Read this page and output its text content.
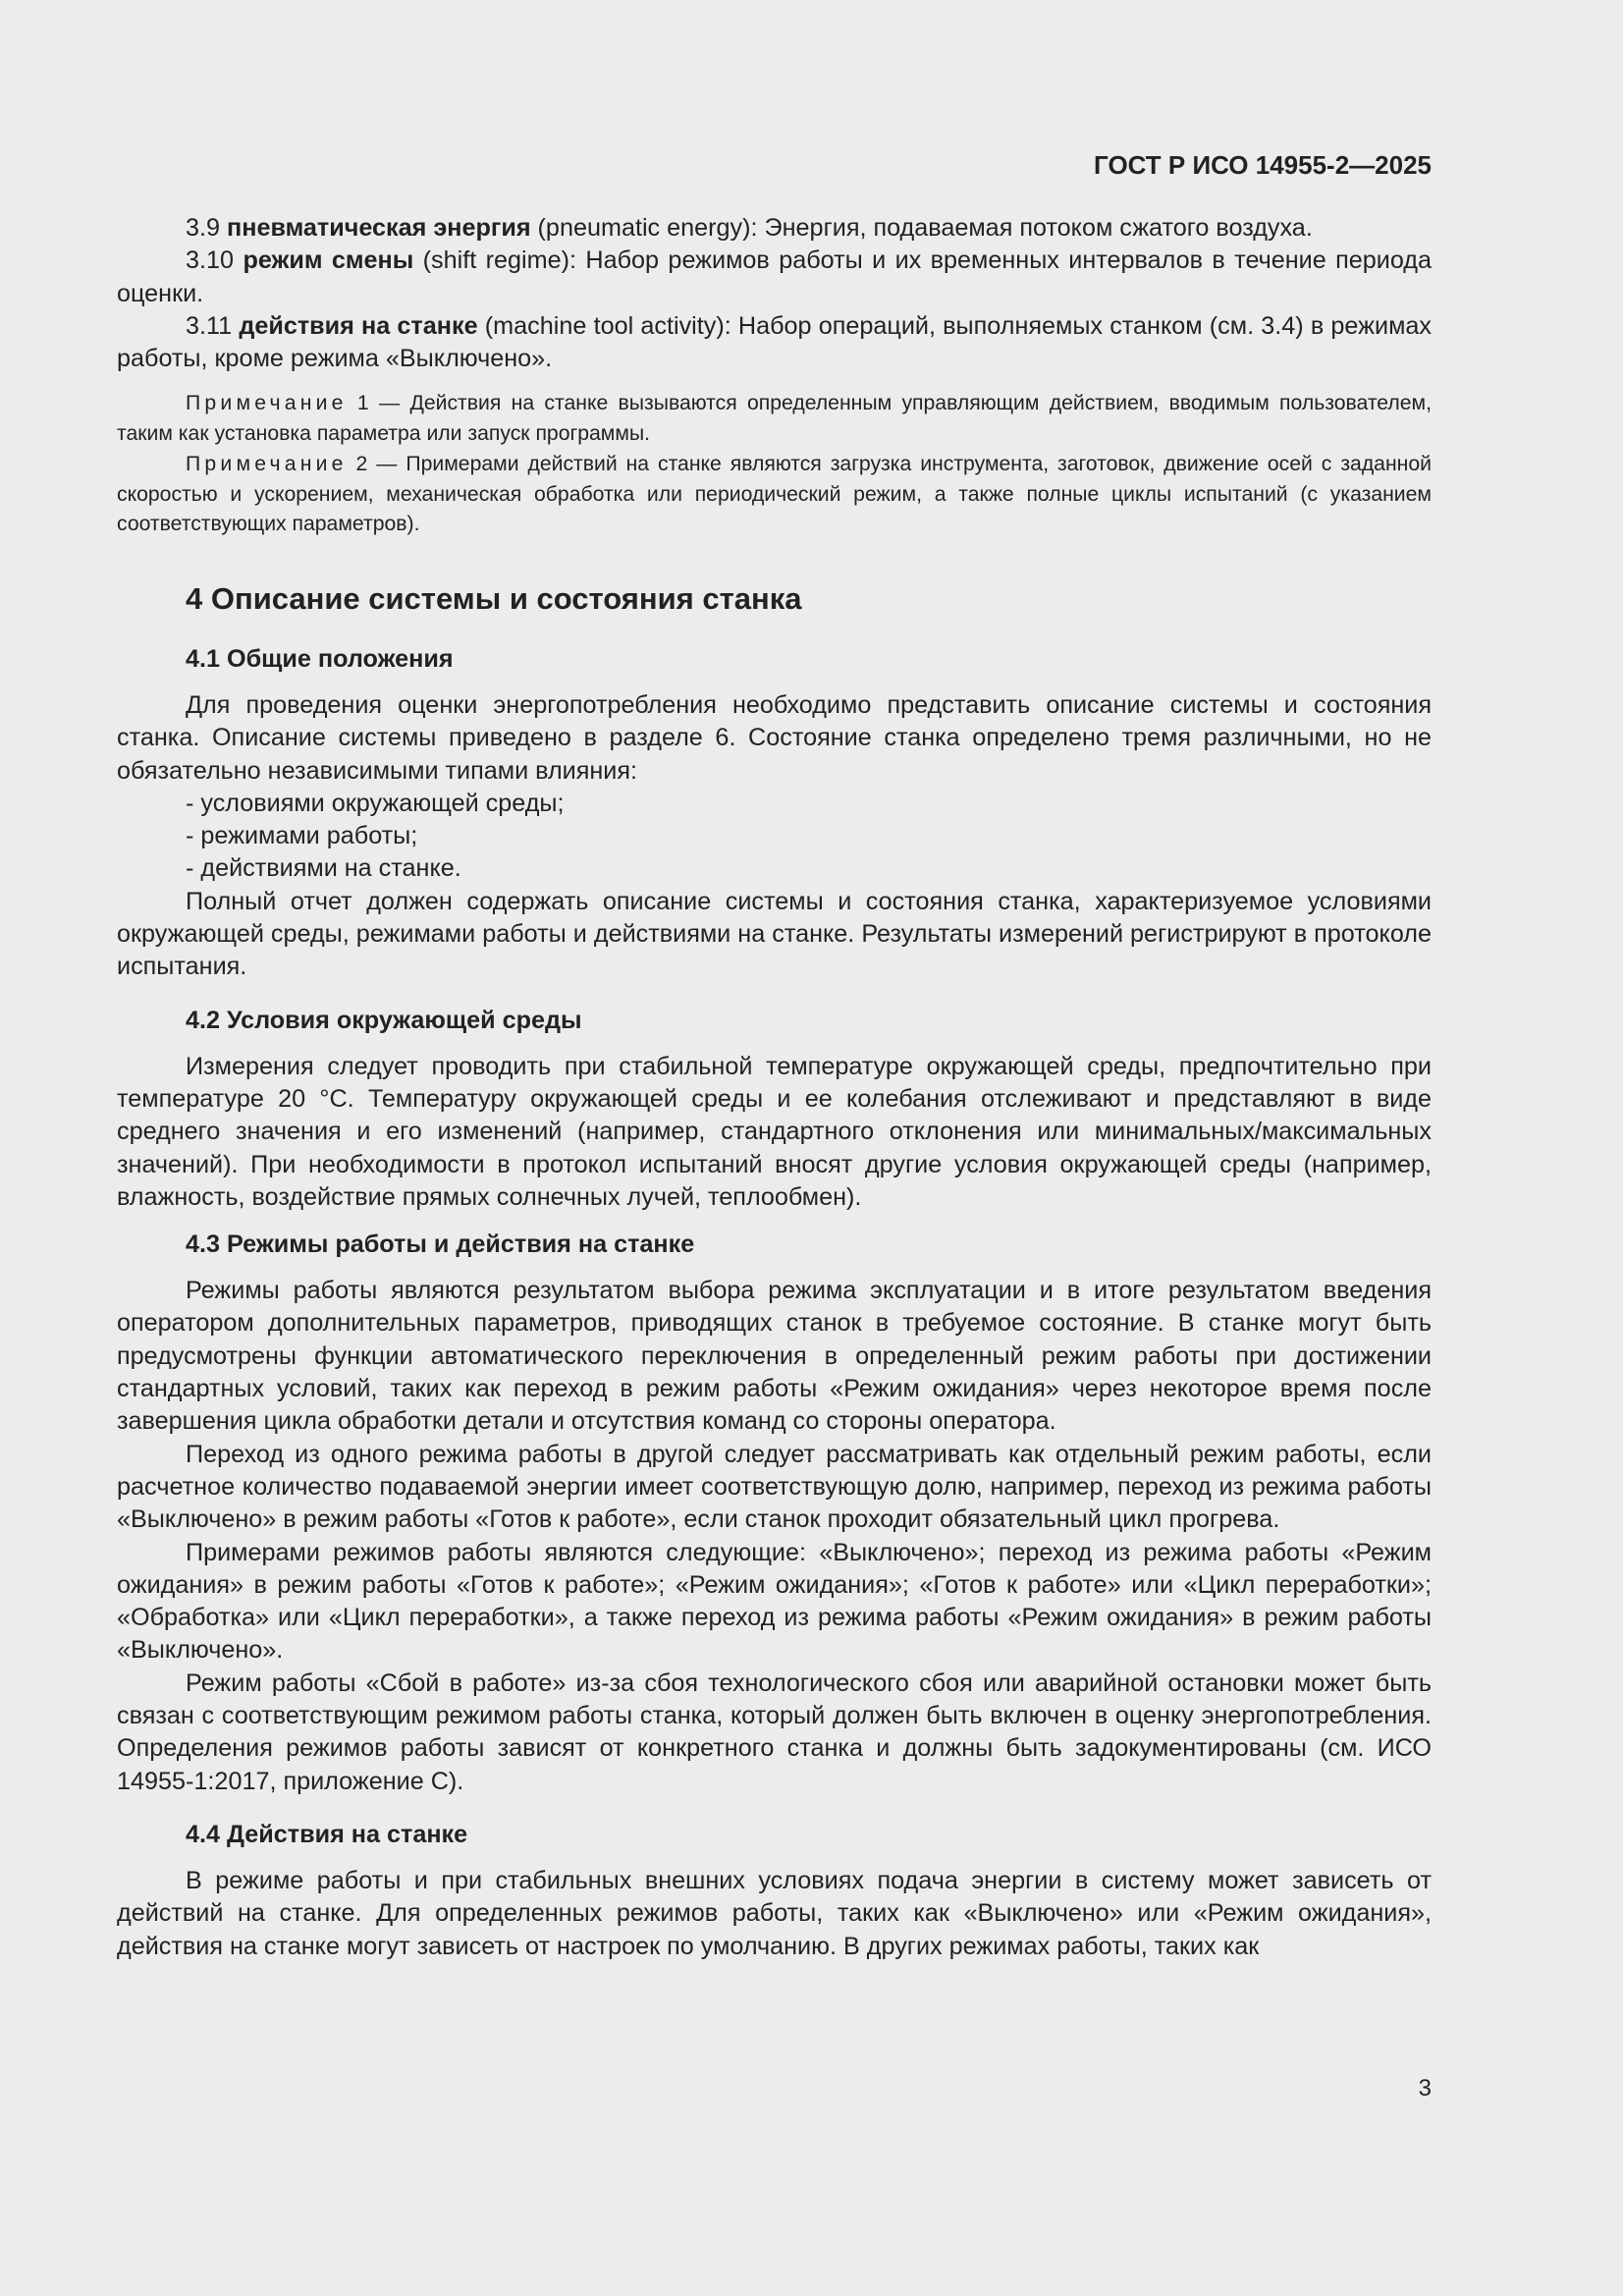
ГОСТ Р ИСО 14955-2—2025

3.9 пневматическая энергия (pneumatic energy): Энергия, подаваемая потоком сжатого воздуха.

3.10 режим смены (shift regime): Набор режимов работы и их временных интервалов в течение периода оценки.

3.11 действия на станке (machine tool activity): Набор операций, выполняемых станком (см. 3.4) в режимах работы, кроме режима «Выключено».

Примечание 1 — Действия на станке вызываются определенным управляющим действием, вводимым пользователем, таким как установка параметра или запуск программы.

Примечание 2 — Примерами действий на станке являются загрузка инструмента, заготовок, движение осей с заданной скоростью и ускорением, механическая обработка или периодический режим, а также полные циклы испытаний (с указанием соответствующих параметров).

4 Описание системы и состояния станка
4.1 Общие положения

Для проведения оценки энергопотребления необходимо представить описание системы и состояния станка. Описание системы приведено в разделе 6. Состояние станка определено тремя различными, но не обязательно независимыми типами влияния:

- условиями окружающей среды;
- режимами работы;
- действиями на станке.

Полный отчет должен содержать описание системы и состояния станка, характеризуемое условиями окружающей среды, режимами работы и действиями на станке. Результаты измерений регистрируют в протоколе испытания.

4.2 Условия окружающей среды

Измерения следует проводить при стабильной температуре окружающей среды, предпочтительно при температуре 20 °С. Температуру окружающей среды и ее колебания отслеживают и представляют в виде среднего значения и его изменений (например, стандартного отклонения или минимальных/максимальных значений). При необходимости в протокол испытаний вносят другие условия окружающей среды (например, влажность, воздействие прямых солнечных лучей, теплообмен).

4.3 Режимы работы и действия на станке

Режимы работы являются результатом выбора режима эксплуатации и в итоге результатом введения оператором дополнительных параметров, приводящих станок в требуемое состояние. В станке могут быть предусмотрены функции автоматического переключения в определенный режим работы при достижении стандартных условий, таких как переход в режим работы «Режим ожидания» через некоторое время после завершения цикла обработки детали и отсутствия команд со стороны оператора.

Переход из одного режима работы в другой следует рассматривать как отдельный режим работы, если расчетное количество подаваемой энергии имеет соответствующую долю, например, переход из режима работы «Выключено» в режим работы «Готов к работе», если станок проходит обязательный цикл прогрева.

Примерами режимов работы являются следующие: «Выключено»; переход из режима работы «Режим ожидания» в режим работы «Готов к работе»; «Режим ожидания»; «Готов к работе» или «Цикл переработки»; «Обработка» или «Цикл переработки», а также переход из режима работы «Режим ожидания» в режим работы «Выключено».

Режим работы «Сбой в работе» из-за сбоя технологического сбоя или аварийной остановки может быть связан с соответствующим режимом работы станка, который должен быть включен в оценку энергопотребления. Определения режимов работы зависят от конкретного станка и должны быть задокументированы (см. ИСО 14955-1:2017, приложение С).

4.4 Действия на станке

В режиме работы и при стабильных внешних условиях подача энергии в систему может зависеть от действий на станке. Для определенных режимов работы, таких как «Выключено» или «Режим ожидания», действия на станке могут зависеть от настроек по умолчанию. В других режимах работы, таких как

3
